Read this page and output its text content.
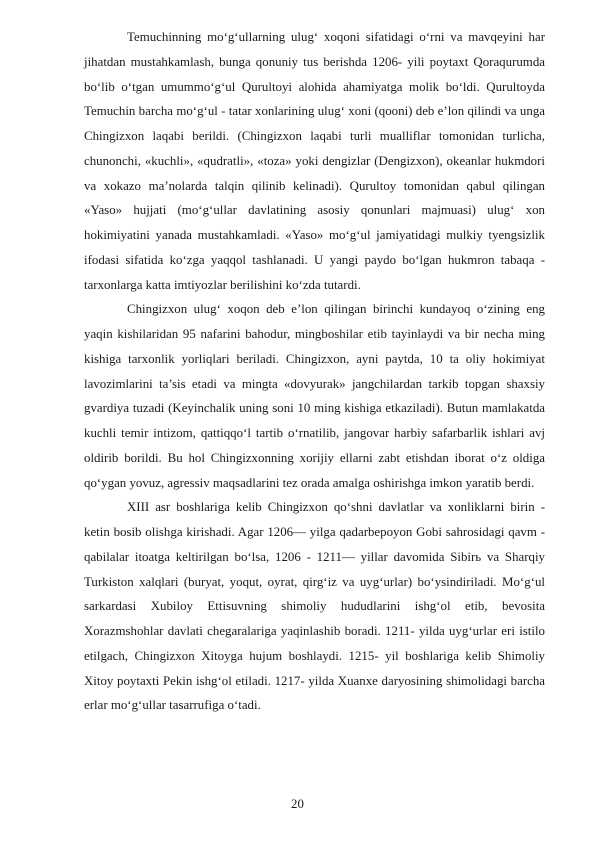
Temuchinning mo‘g‘ullarning ulug‘ xoqoni sifatidagi o‘rni va mavqeyini har jihatdan mustahkamlash, bunga qonuniy tus berishda 1206- yili poytaxt Qoraqurumda bo‘lib o‘tgan umummo‘g‘ul Qurultoyi alohida ahamiyatga molik bo‘ldi. Qurultoyda Temuchin barcha mo‘g‘ul - tatar xonlarining ulug‘ xoni (qooni) deb e’lon qilindi va unga Chingizxon laqabi berildi. (Chingizxon laqabi turli mualliflar tomonidan turlicha, chunonchi, «kuchli», «qudratli», «toza» yoki dengizlar (Dengizxon), okeanlar hukmdori va xokazo ma’nolarda talqin qilinib kelinadi). Qurultoy tomonidan qabul qilingan «Yaso» hujjati (mo‘g‘ullar davlatining asosiy qonunlari majmuasi) ulug‘ xon hokimiyatini yanada mustahkamladi. «Yaso» mo‘g‘ul jamiyatidagi mulkiy tyengsizlik ifodasi sifatida ko‘zga yaqqol tashlanadi. U yangi paydo bo‘lgan hukmron tabaqa - tarxonlarga katta imtiyozlar berilishini ko‘zda tutardi.

Chingizxon ulug‘ xoqon deb e’lon qilingan birinchi kundayoq o‘zining eng yaqin kishilaridan 95 nafarini bahodur, mingboshilar etib tayinlaydi va bir necha ming kishiga tarxonlik yorliqlari beriladi. Chingizxon, ayni paytda, 10 ta oliy hokimiyat lavozimlarini ta’sis etadi va mingta «dovyurak» jangchilardan tarkib topgan shaxsiy gvardiya tuzadi (Keyinchalik uning soni 10 ming kishiga etkaziladi). Butun mamlakatda kuchli temir intizom, qattiqqo‘l tartib o‘rnatilib, jangovar harbiy safarbarlik ishlari avj oldirib borildi. Bu hol Chingizxonning xorijiy ellarni zabt etishdan iborat o‘z oldiga qo‘ygan yovuz, agressiv maqsadlarini tez orada amalga oshirishga imkon yaratib berdi.

XIII asr boshlariga kelib Chingizxon qo‘shni davlatlar va xonliklarni birin - ketin bosib olishga kirishadi. Agar 1206— yilga qadarbepoyon Gobi sahrosidagi qavm - qabilalar itoatga keltirilgan bo‘lsa, 1206 - 1211— yillar davomida Sibirь va Sharqiy Turkiston xalqlari (buryat, yoqut, oyrat, qirg‘iz va uyg‘urlar) bo‘ysindiriladi. Mo‘g‘ul sarkardasi Xubiloy Ettisuvning shimoliy hududlarini ishg‘ol etib, bevosita Xorazmshohlar davlati chegaralariga yaqinlashib boradi. 1211- yilda uyg‘urlar eri istilo etilgach, Chingizxon Xitoyga hujum boshlaydi. 1215- yil boshlariga kelib Shimoliy Xitoy poytaxti Pekin ishg‘ol etiladi. 1217- yilda Xuanxe daryosining shimolidagi barcha erlar mo‘g‘ullar tasarrufiga o‘tadi.

20
